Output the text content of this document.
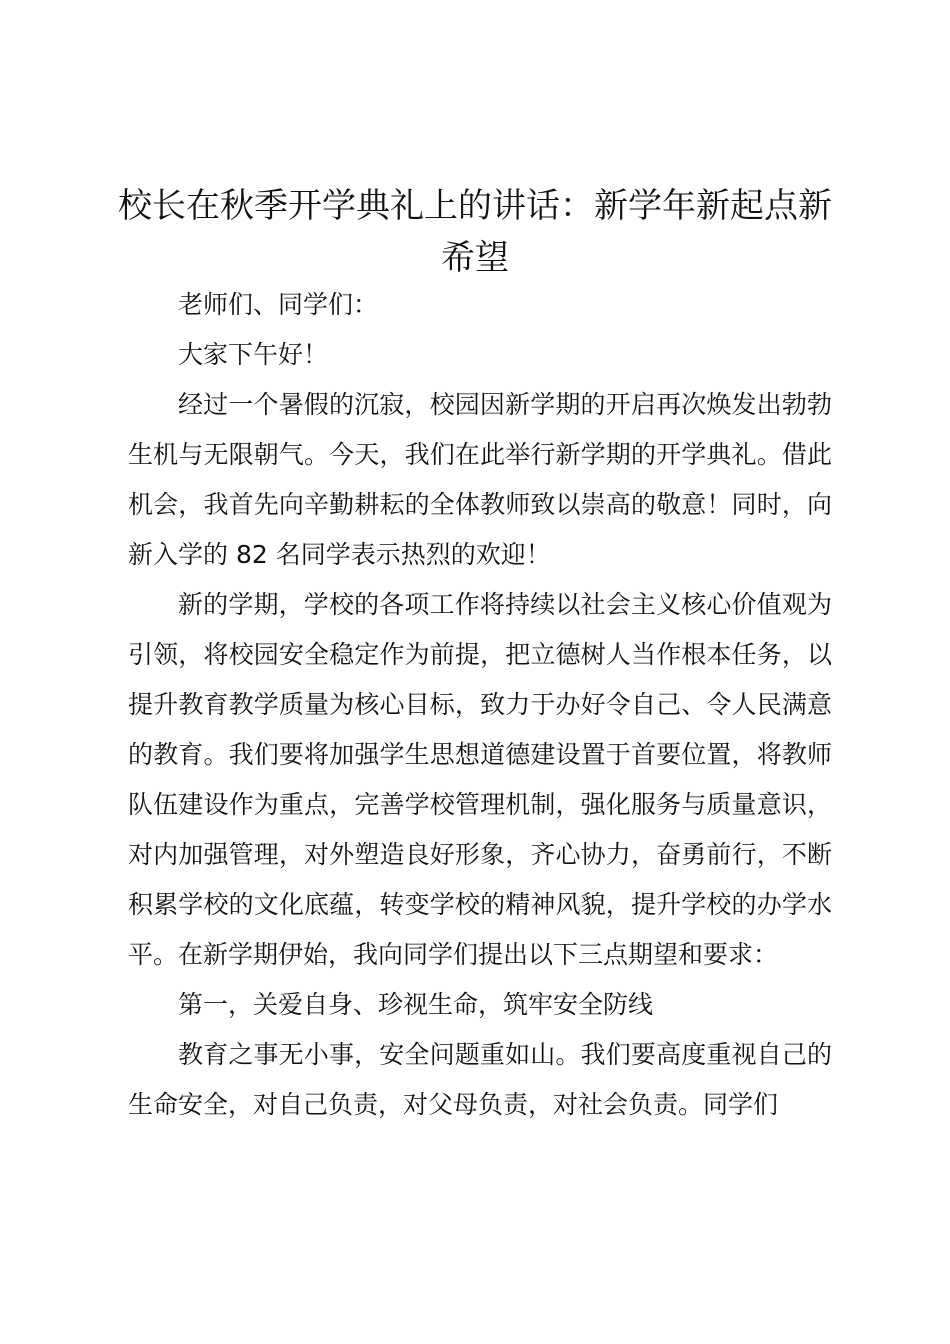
校长在秋季开学典礼上的讲话：新学年新起点新希望

老师们、同学们：

大家下午好！

经过一个暑假的沉寂，校园因新学期的开启再次焕发出勃勃生机与无限朝气。今天，我们在此举行新学期的开学典礼。借此机会，我首先向辛勤耕耘的全体教师致以崇高的敬意！同时，向新入学的 82 名同学表示热烈的欢迎！

新的学期，学校的各项工作将持续以社会主义核心价值观为引领，将校园安全稳定作为前提，把立德树人当作根本任务，以提升教育教学质量为核心目标，致力于办好令自己、令人民满意的教育。我们要将加强学生思想道德建设置于首要位置，将教师队伍建设作为重点，完善学校管理机制，强化服务与质量意识，对内加强管理，对外塑造良好形象，齐心协力，奋勇前行，不断积累学校的文化底蕴，转变学校的精神风貌，提升学校的办学水平。在新学期伊始，我向同学们提出以下三点期望和要求：

第一，关爱自身、珍视生命，筑牢安全防线

教育之事无小事，安全问题重如山。我们要高度重视自己的生命安全，对自己负责，对父母负责，对社会负责。同学们
